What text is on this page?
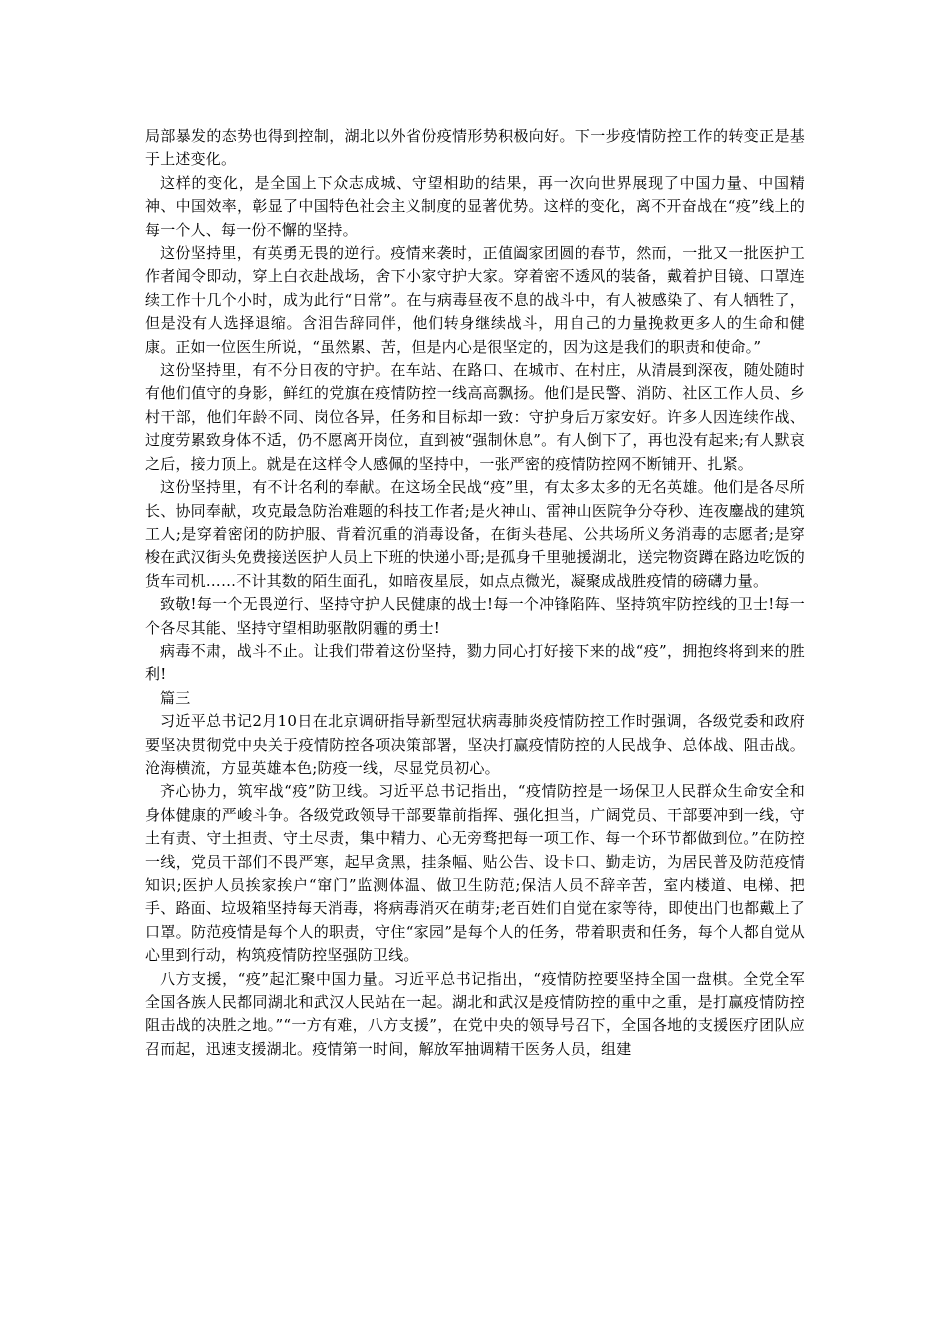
局部暴发的态势也得到控制，湖北以外省份疫情形势积极向好。下一步疫情防控工作的转变正是基于上述变化。

这样的变化，是全国上下众志成城、守望相助的结果，再一次向世界展现了中国力量、中国精神、中国效率，彰显了中国特色社会主义制度的显著优势。这样的变化，离不开奋战在“疫”线上的每一个人、每一份不懈的坚持。

这份坚持里，有英勇无畏的逆行。疫情来袭时，正值阖家团圆的春节，然而，一批又一批医护工作者闻令即动，穿上白衣赴战场，舍下小家守护大家。穿着密不透风的装备，戴着护目镜、口罩连续工作十几个小时，成为此行“日常”。在与病毒昼夜不息的战斗中，有人被感染了、有人牺牲了，但是没有人选择退缩。含泪告辞同伴，他们转身继续战斗，用自己的力量挽救更多人的生命和健康。正如一位医生所说，“虽然累、苦，但是内心是很坚定的，因为这是我们的职责和使命。”

这份坚持里，有不分日夜的守护。在车站、在路口、在城市、在村庄，从清晨到深夜，随处随时有他们值守的身影，鲜红的党旗在疫情防控一线高高飘扬。他们是民警、消防、社区工作人员、乡村干部，他们年龄不同、岗位各异，任务和目标却一致：守护身后万家安好。许多人因连续作战、过度劳累致身体不适，仍不愿离开岗位，直到被“强制休息”。有人倒下了，再也没有起来;有人默哀之后，接力顶上。就是在这样令人感佩的坚持中，一张严密的疫情防控网不断铺开、扎紧。

这份坚持里，有不计名利的奉献。在这场全民战“疫”里，有太多太多的无名英雄。他们是各尽所长、协同奉献，攻克最急防治难题的科技工作者;是火神山、雷神山医院争分夺秒、连夜鏖战的建筑工人;是穿着密闭的防护服、背着沉重的消毒设备，在街头巷尾、公共场所义务消毒的志愿者;是穿梭在武汉街头免费接送医护人员上下班的快递小哥;是孤身千里驰援湖北，送完物资蹲在路边吃饭的货车司机……不计其数的陌生面孔，如暗夜星辰，如点点微光，凝聚成战胜疫情的磅礴力量。

致敬!每一个无畏逆行、坚持守护人民健康的战士!每一个冲锋陷阵、坚持筑牢防控线的卫士!每一个各尽其能、坚持守望相助驱散阴霾的勇士!

病毒不肃，战斗不止。让我们带着这份坚持，勠力同心打好接下来的战“疫”，拥抱终将到来的胜利!

篇三

习近平总书记2月10日在北京调研指导新型冠状病毒肺炎疫情防控工作时强调，各级党委和政府要坚决贯彻党中央关于疫情防控各项决策部署，坚决打赢疫情防控的人民战争、总体战、阻击战。沧海横流，方显英雄本色;防疫一线，尽显党员初心。

齐心协力，筑牢战“疫”防卫线。习近平总书记指出，“疫情防控是一场保卫人民群众生命安全和身体健康的严峻斗争。各级党政领导干部要靠前指挥、强化担当，广阔党员、干部要冲到一线，守土有责、守土担责、守土尽责，集中精力、心无旁骛把每一项工作、每一个环节都做到位。”在防控一线，党员干部们不畏严寒，起早贪黑，挂条幅、贴公告、设卡口、勤走访，为居民普及防范疫情知识;医护人员挨家挨户“窜门”监测体温、做卫生防范;保洁人员不辞辛苦，室内楼道、电梯、把手、路面、垃圾箱坚持每天消毒，将病毒消灭在萌芽;老百姓们自觉在家等待，即使出门也都戴上了口罩。防范疫情是每个人的职责，守住“家园”是每个人的任务，带着职责和任务，每个人都自觉从心里到行动，构筑疫情防控坚强防卫线。

八方支援，“疫”起汇聚中国力量。习近平总书记指出，“疫情防控要坚持全国一盘棋。全党全军全国各族人民都同湖北和武汉人民站在一起。湖北和武汉是疫情防控的重中之重，是打赢疫情防控阻击战的决胜之地。”“一方有难，八方支援”，在党中央的领导号召下，全国各地的支援医疗团队应召而起，迅速支援湖北。疫情第一时间，解放军抽调精干医务人员，组建
